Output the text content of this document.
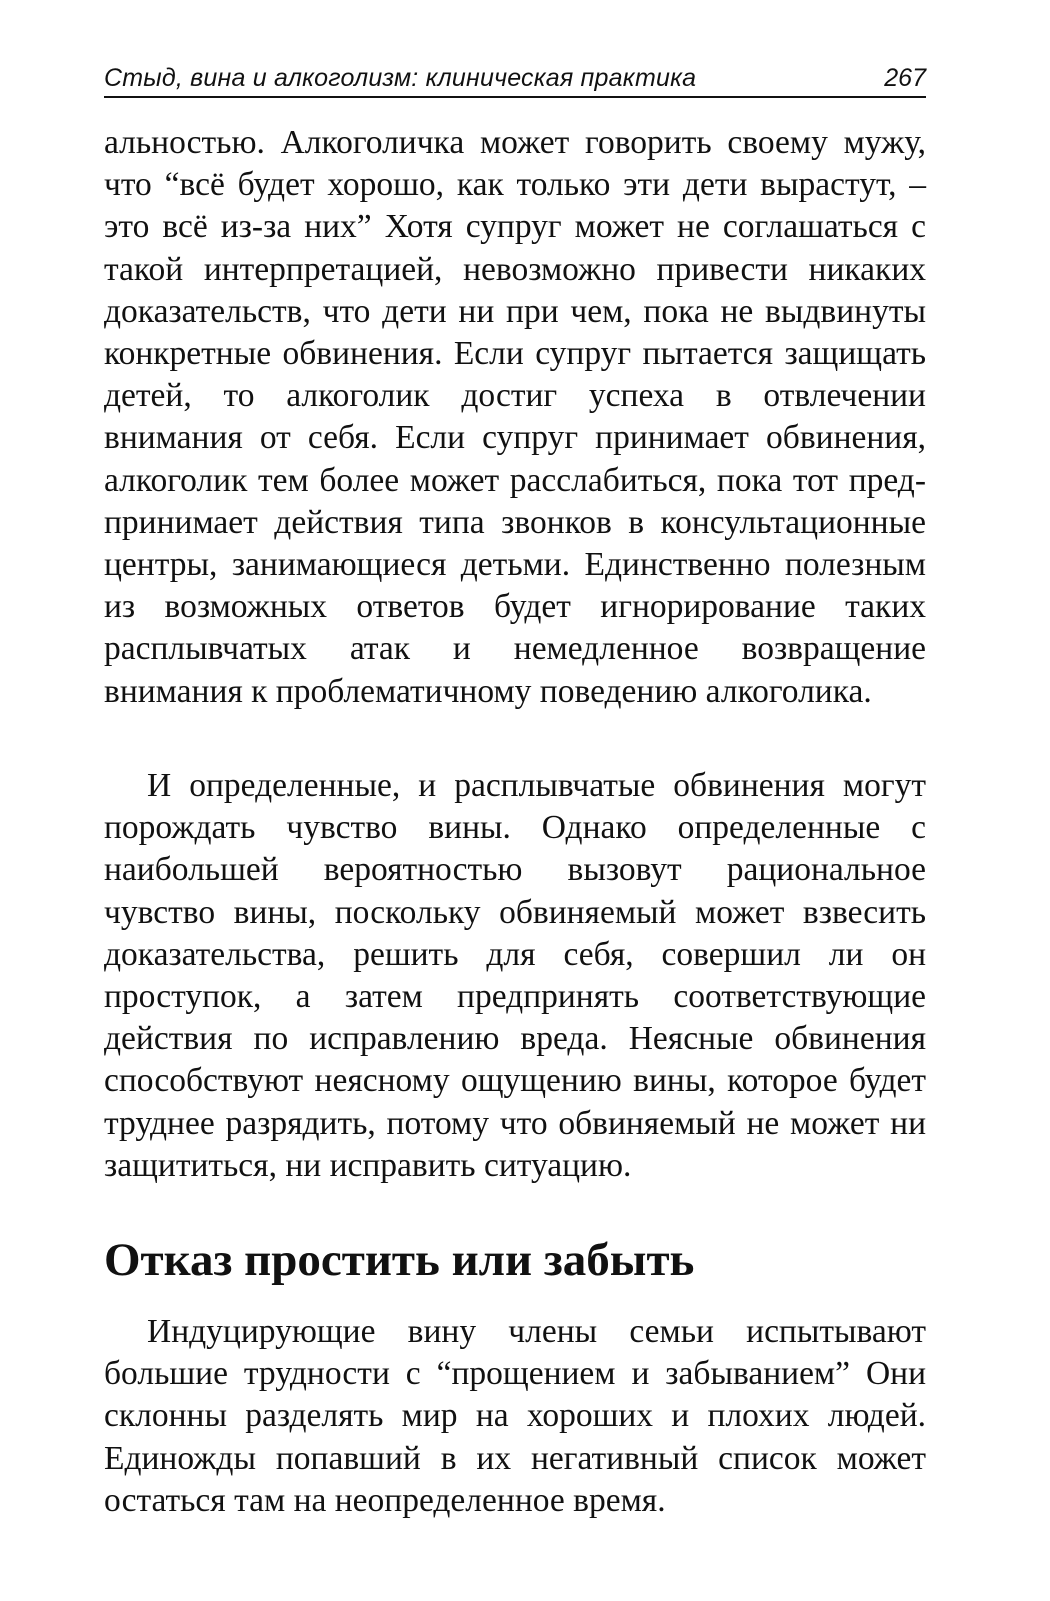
Стыд, вина и алкоголизм: клиническая практика	267

альностью. Алкоголичка может говорить своему мужу, что “всё будет хорошо, как только эти дети вырастут, – это всё из-за них” Хотя супруг может не соглашаться с такой интерпретацией, невозможно привести никаких доказательств, что дети ни при чем, пока не выдвинуты конкретные обвинения. Если супруг пытается защищать детей, то алкоголик достиг успеха в отвлечении внимания от себя. Если супруг принимает обвинения, алкоголик тем более может расслабиться, пока тот предпринимает действия типа звонков в консультационные центры, занимающиеся детьми. Единственно полезным из возможных ответов будет игнорирование таких расплывчатых атак и немедленное возвращение внимания к проблематичному поведению алкоголика.

И определенные, и расплывчатые обвинения могут порождать чувство вины. Однако определенные с наибольшей вероятностью вызовут рациональное чувство вины, поскольку обвиняемый может взвесить доказательства, решить для себя, совершил ли он проступок, а затем предпринять соответствующие действия по исправлению вреда. Неясные обвинения способствуют неясному ощущению вины, которое будет труднее разрядить, потому что обвиняемый не может ни защититься, ни исправить ситуацию.

Отказ простить или забыть

Индуцирующие вину члены семьи испытывают большие трудности с “прощением и забыванием” Они склонны разделять мир на хороших и плохих людей. Единожды попавший в их негативный список может остаться там на неопределенное время.
